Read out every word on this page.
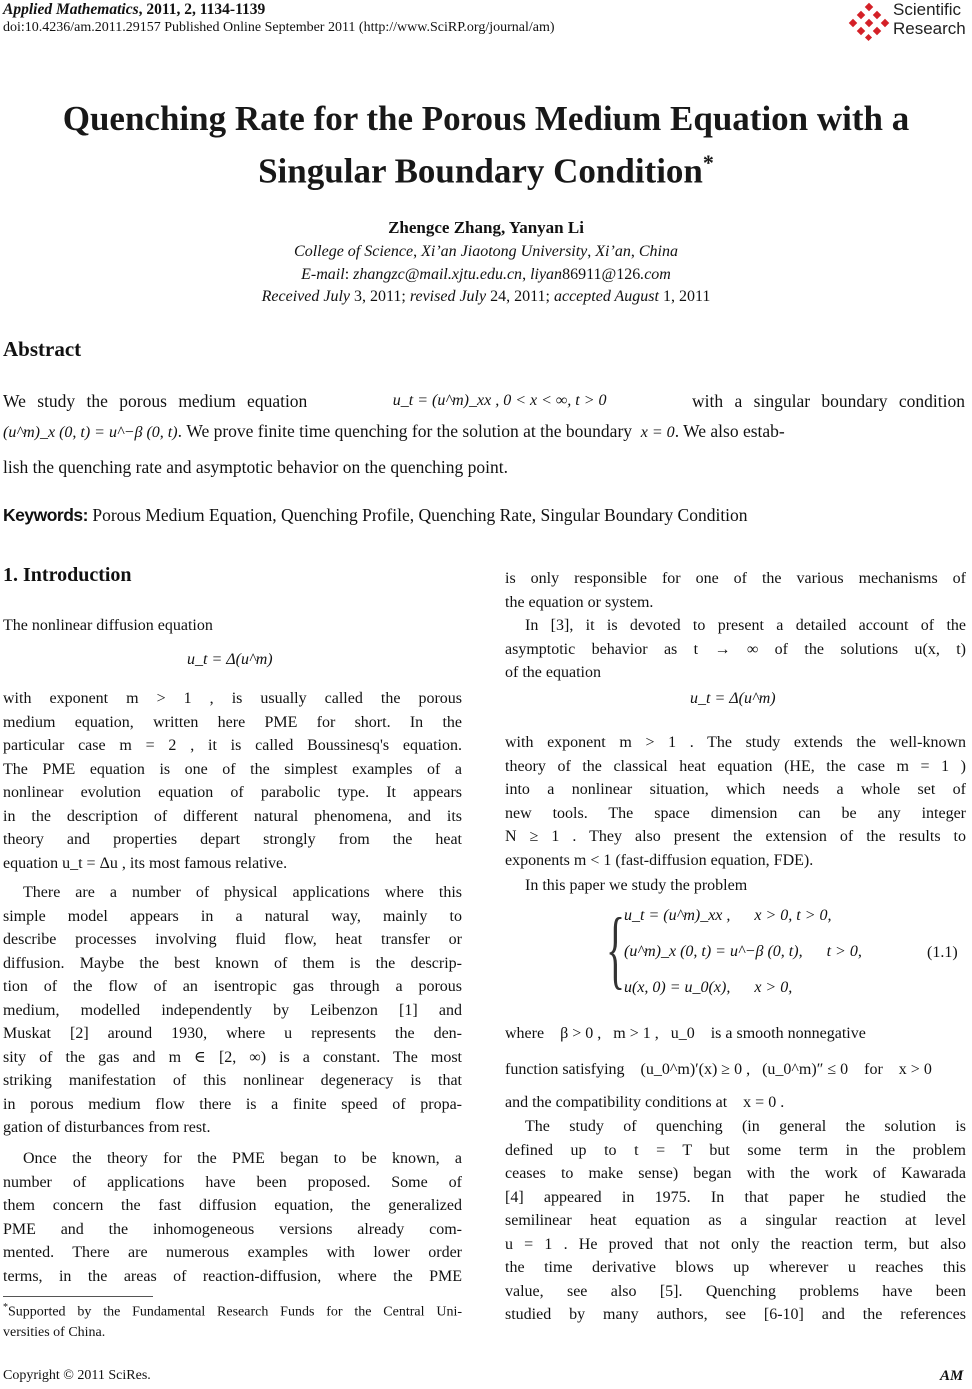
Applied Mathematics, 2011, 2, 1134-1139
doi:10.4236/am.2011.29157 Published Online September 2011 (http://www.SciRP.org/journal/am)
Scientific
Research
Quenching Rate for the Porous Medium Equation with a
Singular Boundary Condition*
Zhengce Zhang, Yanyan Li
College of Science, Xi’an Jiaotong University, Xi’an, China
E-mail: zhangzc@mail.xjtu.edu.cn, liyan86911@126.com
Received July 3, 2011; revised July 24, 2011; accepted August 1, 2011
Abstract
We study the porous medium equation	u_t = (u^m)_xx , 0 < x < ∞, t > 0	with a singular boundary condition
(u^m)_x (0, t) = u^−β (0, t). We prove finite time quenching for the solution at the boundary x = 0. We also estab-
lish the quenching rate and asymptotic behavior on the quenching point.
Keywords: Porous Medium Equation, Quenching Profile, Quenching Rate, Singular Boundary Condition
1. Introduction
The nonlinear diffusion equation
u_t = Δ(u^m)
with exponent m > 1 , is usually called the porous
medium equation, written here PME for short. In the
particular case m = 2 , it is called Boussinesq's equation.
The PME equation is one of the simplest examples of a
nonlinear evolution equation of parabolic type. It appears
in the description of different natural phenomena, and its
theory and properties depart strongly from the heat
equation u_t = Δu , its most famous relative.
There are a number of physical applications where this
simple model appears in a natural way, mainly to
describe processes involving fluid flow, heat transfer or
diffusion. Maybe the best known of them is the descrip-
tion of the flow of an isentropic gas through a porous
medium, modelled independently by Leibenzon [1] and
Muskat [2] around 1930, where u represents the den-
sity of the gas and m ∈ [2, ∞) is a constant. The most
striking manifestation of this nonlinear degeneracy is that
in porous medium flow there is a finite speed of propa-
gation of disturbances from rest.
Once the theory for the PME began to be known, a
number of applications have been proposed. Some of
them concern the fast diffusion equation, the generalized
PME and the inhomogeneous versions already com-
mented. There are numerous examples with lower order
terms, in the areas of reaction-diffusion, where the PME
*Supported by the Fundamental Research Funds for the Central Uni-
versities of China.
is only responsible for one of the various mechanisms of
the equation or system.
In [3], it is devoted to present a detailed account of the
asymptotic behavior as t → ∞ of the solutions u(x, t)
of the equation
u_t = Δ(u^m)
with exponent m > 1 . The study extends the well-known
theory of the classical heat equation (HE, the case m = 1 )
into a nonlinear situation, which needs a whole set of
new tools. The space dimension can be any integer
N ≥ 1 . They also present the extension of the results to
exponents m < 1 (fast-diffusion equation, FDE).
In this paper we study the problem
{
u_t = (u^m)_xx ,      x > 0, t > 0,
(u^m)_x (0, t) = u^−β (0, t),      t > 0,
u(x, 0) = u_0(x),      x > 0,
(1.1)
where    β > 0 ,   m > 1 ,   u_0    is a smooth nonnegative
function satisfying    (u_0^m)′(x) ≥ 0 ,   (u_0^m)″ ≤ 0    for    x > 0
and the compatibility conditions at    x = 0 .
The study of quenching (in general the solution is
defined up to t = T but some term in the problem
ceases to make sense) began with the work of Kawarada
[4] appeared in 1975. In that paper he studied the
semilinear heat equation as a singular reaction at level
u = 1 . He proved that not only the reaction term, but also
the time derivative blows up wherever u reaches this
value, see also [5]. Quenching problems have been
studied by many authors, see [6-10] and the references
Copyright © 2011 SciRes.	AM
